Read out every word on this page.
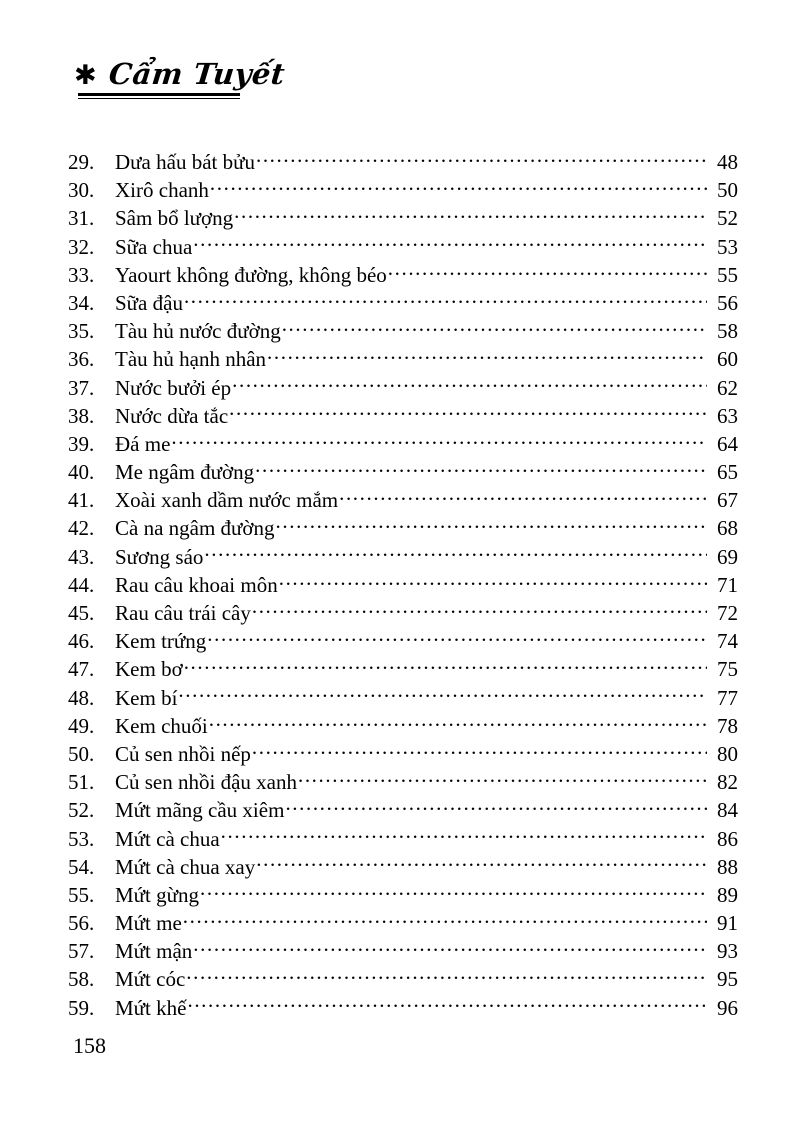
✱ Cẩm Tuyết
29. Dưa hấu bát bửu .....	48
30. Xirô chanh .....	50
31. Sâm bổ lượng .....	52
32. Sữa chua .....	53
33. Yaourt không đường, không béo .....	55
34. Sữa đậu .....	56
35. Tàu hủ nước đường .....	58
36. Tàu hủ hạnh nhân .....	60
37. Nước bưởi ép .....	62
38. Nước dừa tắc .....	63
39. Đá me .....	64
40. Me ngâm đường .....	65
41. Xoài xanh dầm nước mắm .....	67
42. Cà na ngâm đường .....	68
43. Sương sáo .....	69
44. Rau câu khoai môn .....	71
45. Rau câu trái cây .....	72
46. Kem trứng .....	74
47. Kem bơ .....	75
48. Kem bí .....	77
49. Kem chuối .....	78
50. Củ sen nhồi nếp .....	80
51. Củ sen nhồi đậu xanh .....	82
52. Mứt mãng cầu xiêm .....	84
53. Mứt cà chua .....	86
54. Mứt cà chua xay .....	88
55. Mứt gừng .....	89
56. Mứt me .....	91
57. Mứt mận .....	93
58. Mứt cóc .....	95
59. Mứt khế .....	96
158
